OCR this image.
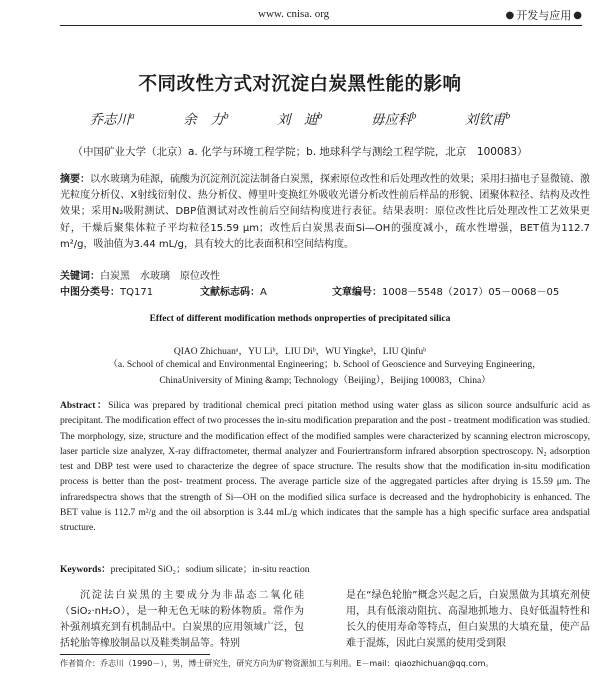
www. cnisa. org	● 开发与应用 ●
不同改性方式对沉淀白炭黑性能的影响
乔志川$^a$	余　力$^b$	刘　迪$^b$	毋应科$^b$	刘钦甫$^b$
（中国矿业大学（北京）a. 化学与环境工程学院；b. 地球科学与测绘工程学院，北京　100083）
摘要：以水玻璃为硅源，硫酸为沉淀剂沉淀法制备白炭黑，探索原位改性和后处理改性的效果；采用扫描电子显微镜、激光粒度分析仪、X射线衍射仪、热分析仪、傅里叶变换红外吸收光谱分析改性前后样品的形貌、团聚体粒径、结构及改性效果；采用N₂吸附测试、DBP值测试对改性前后空间结构度进行表征。结果表明：原位改性比后处理改性工艺效果更好，干燥后聚集体粒子平均粒径15.59 μm；改性后白炭黑表面Si—OH的强度减小，疏水性增强，BET值为112.7 m²/g，吸油值为3.44 mL/g，具有较大的比表面积和空间结构度。
关键词：白炭黑　水玻璃　原位改性
中图分类号：TQ171	文献标志码：A	文章编号：1008－5548（2017）05－0068－05
Effect of different modification methods onproperties of precipitated silica
QIAO Zhichuanᵃ，YU Liᵇ，LIU Diᵇ，WU Yingkeᵇ，LIU Qinfuᵇ
（a. School of chemical and Environmental Engineering；b. School of Geoscience and Surveying Engineering，
ChinaUniversity of Mining &amp; Technology（Beijing），Beijing 100083，China）
Abstract：Silica was prepared by traditional chemical preci pitation method using water glass as silicon source andsulfuric acid as precipitant. The modification effect of two processes the in-situ modification preparation and the post - treatment modification was studied. The morphology, size, structure and the modification effect of the modified samples were characterized by scanning electron microscopy, laser particle size analyzer, X-ray diffractometer, thermal analyzer and Fouriertransform infrared absorption spectroscopy. N₂ adsorption test and DBP test were used to characterize the degree of space structure. The results show that the modification in-situ modification process is better than the post- treatment process. The average particle size of the aggregated particles after drying is 15.59 μm. The infraredspectra shows that the strength of Si—OH on the modified silica surface is decreased and the hydrophobicity is enhanced. The BET value is 112.7 m²/g and the oil absorption is 3.44 mL/g which indicates that the sample has a high specific surface area andspatial structure.
Keywords：precipitated SiO₂；sodium silicate；in-situ reaction
沉淀法白炭黑的主要成分为非晶态二氧化硅（SiO₂·nH₂O），是一种无色无味的粉体物质。常作为补强剂填充到有机制品中。白炭黑的应用领域广泛，包括轮胎等橡胶制品以及鞋类制品等。特别
是在“绿色轮胎”概念兴起之后，白炭黑做为其填充剂使用，具有低滚动阻抗、高湿地抓地力、良好低温特性和长久的使用寿命等特点，但白炭黑的大填充量，使产品难于混炼，因此白炭黑的使用受到限
作者简介：乔志川（1990－），男，博士研究生，研究方向为矿物资源加工与利用。E－mail：qiaozhichuan@qq.com。
